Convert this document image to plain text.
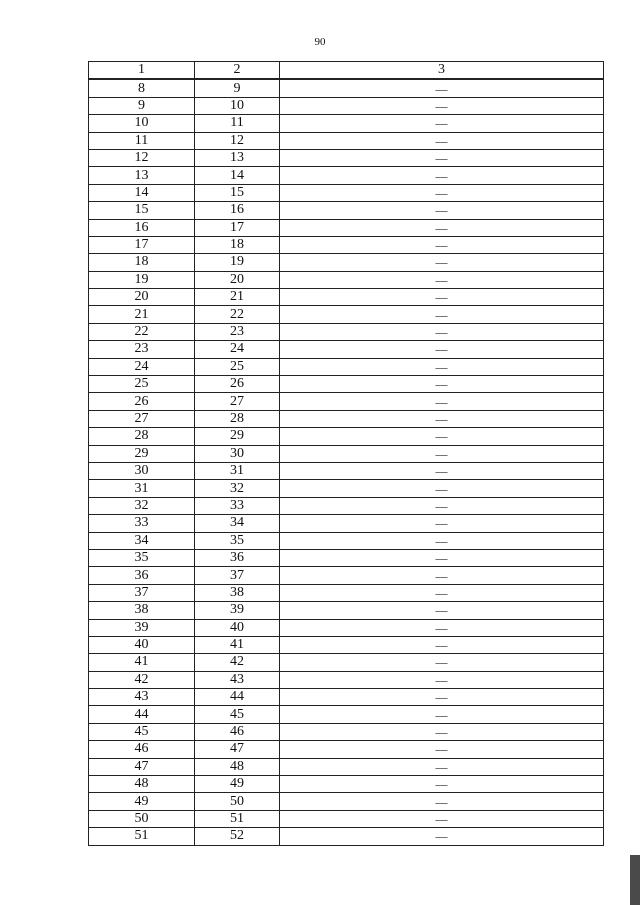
90
1	2	3
8	9	—
9	10	—
10	11	—
11	12	—
12	13	—
13	14	—
14	15	—
15	16	—
16	17	—
17	18	—
18	19	—
19	20	—
20	21	—
21	22	—
22	23	—
23	24	—
24	25	—
25	26	—
26	27	—
27	28	—
28	29	—
29	30	—
30	31	—
31	32	—
32	33	—
33	34	—
34	35	—
35	36	—
36	37	—
37	38	—
38	39	—
39	40	—
40	41	—
41	42	—
42	43	—
43	44	—
44	45	—
45	46	—
46	47	—
47	48	—
48	49	—
49	50	—
50	51	—
51	52	—
